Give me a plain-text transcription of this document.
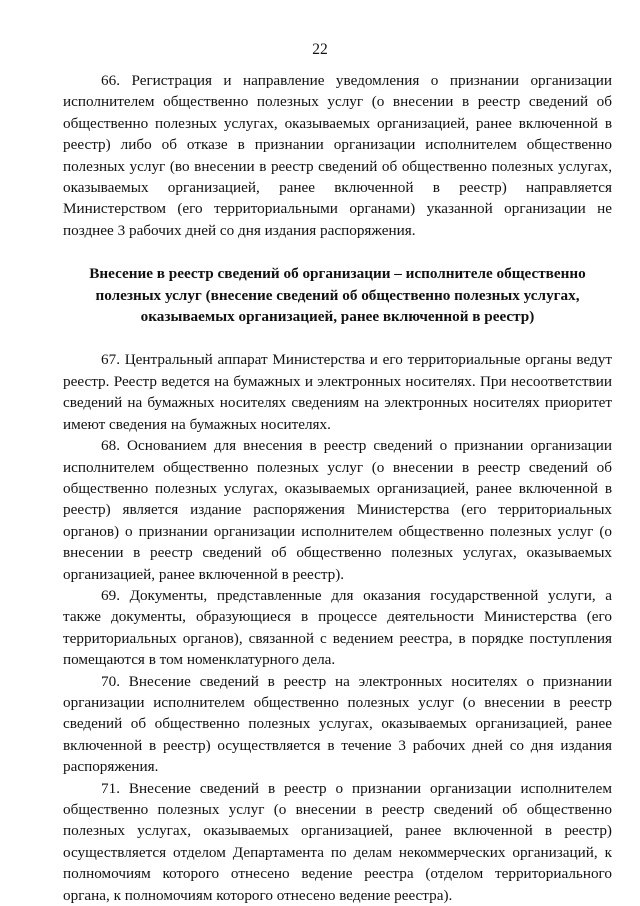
22

66. Регистрация и направление уведомления о признании организации исполнителем общественно полезных услуг (о внесении в реестр сведений об общественно полезных услугах, оказываемых организацией, ранее включенной в реестр) либо об отказе в признании организации исполнителем общественно полезных услуг (во внесении в реестр сведений об общественно полезных услугах, оказываемых организацией, ранее включенной в реестр) направляется Министерством (его территориальными органами) указанной организации не позднее 3 рабочих дней со дня издания распоряжения.

Внесение в реестр сведений об организации – исполнителе общественно полезных услуг (внесение сведений об общественно полезных услугах, оказываемых организацией, ранее включенной в реестр)

67. Центральный аппарат Министерства и его территориальные органы ведут реестр. Реестр ведется на бумажных и электронных носителях. При несоответствии сведений на бумажных носителях сведениям на электронных носителях приоритет имеют сведения на бумажных носителях.

68. Основанием для внесения в реестр сведений о признании организации исполнителем общественно полезных услуг (о внесении в реестр сведений об общественно полезных услугах, оказываемых организацией, ранее включенной в реестр) является издание распоряжения Министерства (его территориальных органов) о признании организации исполнителем общественно полезных услуг (о внесении в реестр сведений об общественно полезных услугах, оказываемых организацией, ранее включенной в реестр).

69. Документы, представленные для оказания государственной услуги, а также документы, образующиеся в процессе деятельности Министерства (его территориальных органов), связанной с ведением реестра, в порядке поступления помещаются в том номенклатурного дела.

70. Внесение сведений в реестр на электронных носителях о признании организации исполнителем общественно полезных услуг (о внесении в реестр сведений об общественно полезных услугах, оказываемых организацией, ранее включенной в реестр) осуществляется в течение 3 рабочих дней со дня издания распоряжения.

71. Внесение сведений в реестр о признании организации исполнителем общественно полезных услуг (о внесении в реестр сведений об общественно полезных услугах, оказываемых организацией, ранее включенной в реестр) осуществляется отделом Департамента по делам некоммерческих организаций, к полномочиям которого отнесено ведение реестра (отделом территориального органа, к полномочиям которого отнесено ведение реестра).
